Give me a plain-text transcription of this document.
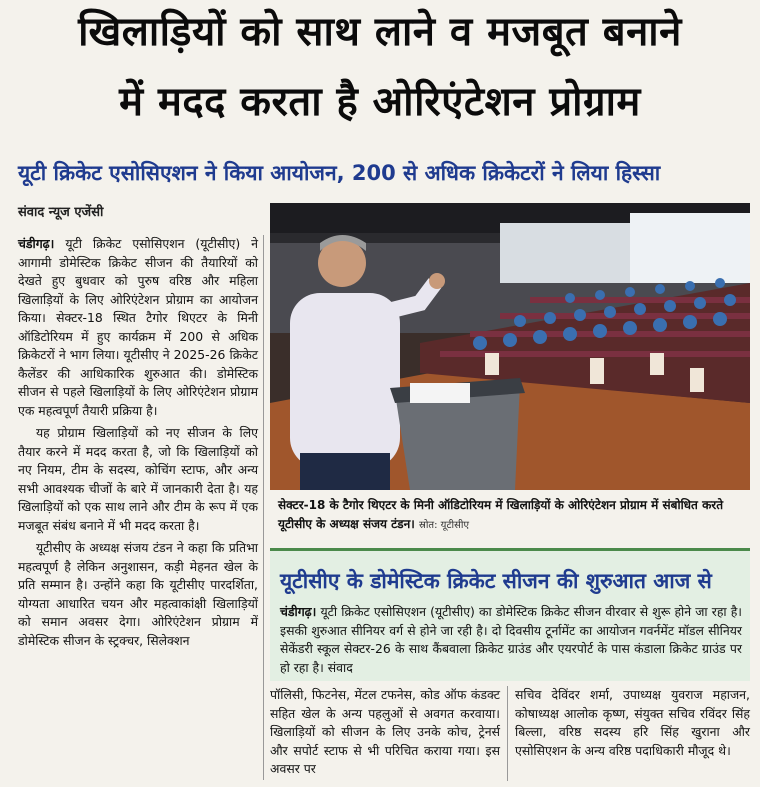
खिलाड़ियों को साथ लाने व मजबूत बनाने
में मदद करता है ओरिएंटेशन प्रोग्राम
यूटी क्रिकेट एसोसिएशन ने किया आयोजन, 200 से अधिक क्रिकेटरों ने लिया हिस्सा
संवाद न्यूज एजेंसी

चंडीगढ़। यूटी क्रिकेट एसोसिएशन (यूटीसीए) ने आगामी डोमेस्टिक क्रिकेट सीजन की तैयारियों को देखते हुए बुधवार को पुरुष वरिष्ठ और महिला खिलाड़ियों के लिए ओरिएंटेशन प्रोग्राम का आयोजन किया। सेक्टर-18 स्थित टैगोर थिएटर के मिनी ऑडिटोरियम में हुए कार्यक्रम में 200 से अधिक क्रिकेटरों ने भाग लिया। यूटीसीए ने 2025-26 क्रिकेट कैलेंडर की आधिकारिक शुरुआत की। डोमेस्टिक सीजन से पहले खिलाड़ियों के लिए ओरिएंटेशन प्रोग्राम एक महत्वपूर्ण तैयारी प्रक्रिया है।

यह प्रोग्राम खिलाड़ियों को नए सीजन के लिए तैयार करने में मदद करता है, जो कि खिलाड़ियों को नए नियम, टीम के सदस्य, कोचिंग स्टाफ, और अन्य सभी आवश्यक चीजों के बारे में जानकारी देता है। यह खिलाड़ियों को एक साथ लाने और टीम के रूप में एक मजबूत संबंध बनाने में भी मदद करता है।

यूटीसीए के अध्यक्ष संजय टंडन ने कहा कि प्रतिभा महत्वपूर्ण है लेकिन अनुशासन, कड़ी मेहनत खेल के प्रति सम्मान है। उन्होंने कहा कि यूटीसीए पारदर्शिता, योग्यता आधारित चयन और महत्वाकांक्षी खिलाड़ियों को समान अवसर देगा। ओरिएंटेशन प्रोग्राम में डोमेस्टिक सीजन के स्ट्रक्चर, सिलेक्शन

सेक्टर-18 के टैगोर थिएटर के मिनी ऑडिटोरियम में खिलाड़ियों के ओरिएंटेशन प्रोग्राम में संबोधित करते यूटीसीए के अध्यक्ष संजय टंडन। स्रोत: यूटीसीए
यूटीसीए के डोमेस्टिक क्रिकेट सीजन की शुरुआत आज से
चंडीगढ़। यूटी क्रिकेट एसोसिएशन (यूटीसीए) का डोमेस्टिक क्रिकेट सीजन वीरवार से शुरू होने जा रहा है। इसकी शुरुआत सीनियर वर्ग से होने जा रही है। दो दिवसीय टूर्नामेंट का आयोजन गवर्नमेंट मॉडल सीनियर सेकेंडरी स्कूल सेक्टर-26 के साथ कैंबवाला क्रिकेट ग्राउंड और एयरपोर्ट के पास कंडाला क्रिकेट ग्राउंड पर हो रहा है। संवाद

पॉलिसी, फिटनेस, मेंटल टफनेस, कोड ऑफ कंडक्ट सहित खेल के अन्य पहलुओं से अवगत करवाया। खिलाड़ियों को सीजन के लिए उनके कोच, ट्रेनर्स और सपोर्ट स्टाफ से भी परिचित कराया गया। इस अवसर पर

सचिव देविंदर शर्मा, उपाध्यक्ष युवराज महाजन, कोषाध्यक्ष आलोक कृष्ण, संयुक्त सचिव रविंदर सिंह बिल्ला, वरिष्ठ सदस्य हरि सिंह खुराना और एसोसिएशन के अन्य वरिष्ठ पदाधिकारी मौजूद थे।
